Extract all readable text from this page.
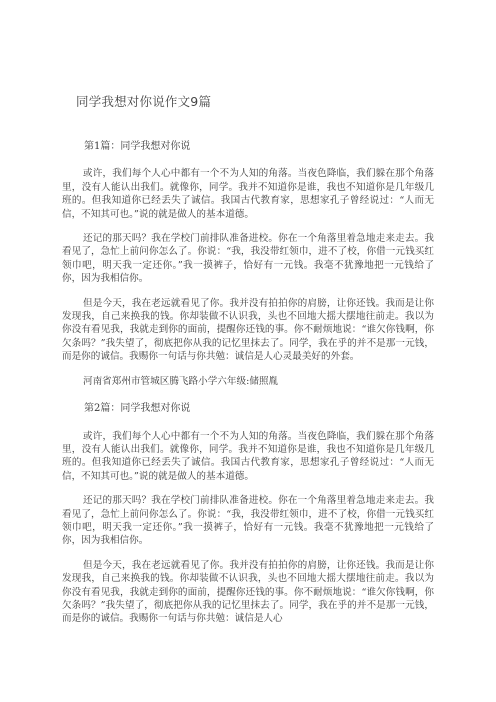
同学我想对你说作文9篇
第1篇：同学我想对你说

或许，我们每个人心中都有一个不为人知的角落。当夜色降临，我们躲在那个角落里，没有人能认出我们。就像你，同学。我并不知道你是谁，我也不知道你是几年级几班的。但我知道你已经丢失了诚信。我国古代教育家，思想家孔子曾经说过：“人而无信，不知其可也。”说的就是做人的基本道德。

还记的那天吗？我在学校门前排队准备进校。你在一个角落里着急地走来走去。我看见了，急忙上前问你怎么了。你说：“我，我没带红领巾，进不了校，你借一元钱买红领巾吧，明天我一定还你。”我一摸裤子，恰好有一元钱。我毫不犹豫地把一元钱给了你，因为我相信你。

但是今天，我在老远就看见了你。我并没有拍拍你的肩膀，让你还钱。我而是让你发现我，自己来换我的钱。你却装做不认识我，头也不回地大摇大摆地往前走。我以为你没有看见我，我就走到你的面前，提醒你还钱的事。你不耐烦地说：“谁欠你钱啊，你欠条吗？”我失望了，彻底把你从我的记忆里抹去了。同学，我在乎的并不是那一元钱，而是你的诚信。我赐你一句话与你共勉：诚信是人心灵最美好的外套。

河南省郑州市管城区腾飞路小学六年级:储照胤
第2篇：同学我想对你说

或许，我们每个人心中都有一个不为人知的角落。当夜色降临，我们躲在那个角落里，没有人能认出我们。就像你，同学。我并不知道你是谁，我也不知道你是几年级几班的。但我知道你已经丢失了诚信。我国古代教育家，思想家孔子曾经说过：“人而无信，不知其可也。”说的就是做人的基本道德。

还记的那天吗？我在学校门前排队准备进校。你在一个角落里着急地走来走去。我看见了，急忙上前问你怎么了。你说：“我，我没带红领巾，进不了校，你借一元钱买红领巾吧，明天我一定还你。”我一摸裤子，恰好有一元钱。我毫不犹豫地把一元钱给了你，因为我相信你。

但是今天，我在老远就看见了你。我并没有拍拍你的肩膀，让你还钱。我而是让你发现我，自己来换我的钱。你却装做不认识我，头也不回地大摇大摆地往前走。我以为你没有看见我，我就走到你的面前，提醒你还钱的事。你不耐烦地说：“谁欠你钱啊，你欠条吗？”我失望了，彻底把你从我的记忆里抹去了。同学，我在乎的并不是那一元钱，而是你的诚信。我赐你一句话与你共勉：诚信是人心
